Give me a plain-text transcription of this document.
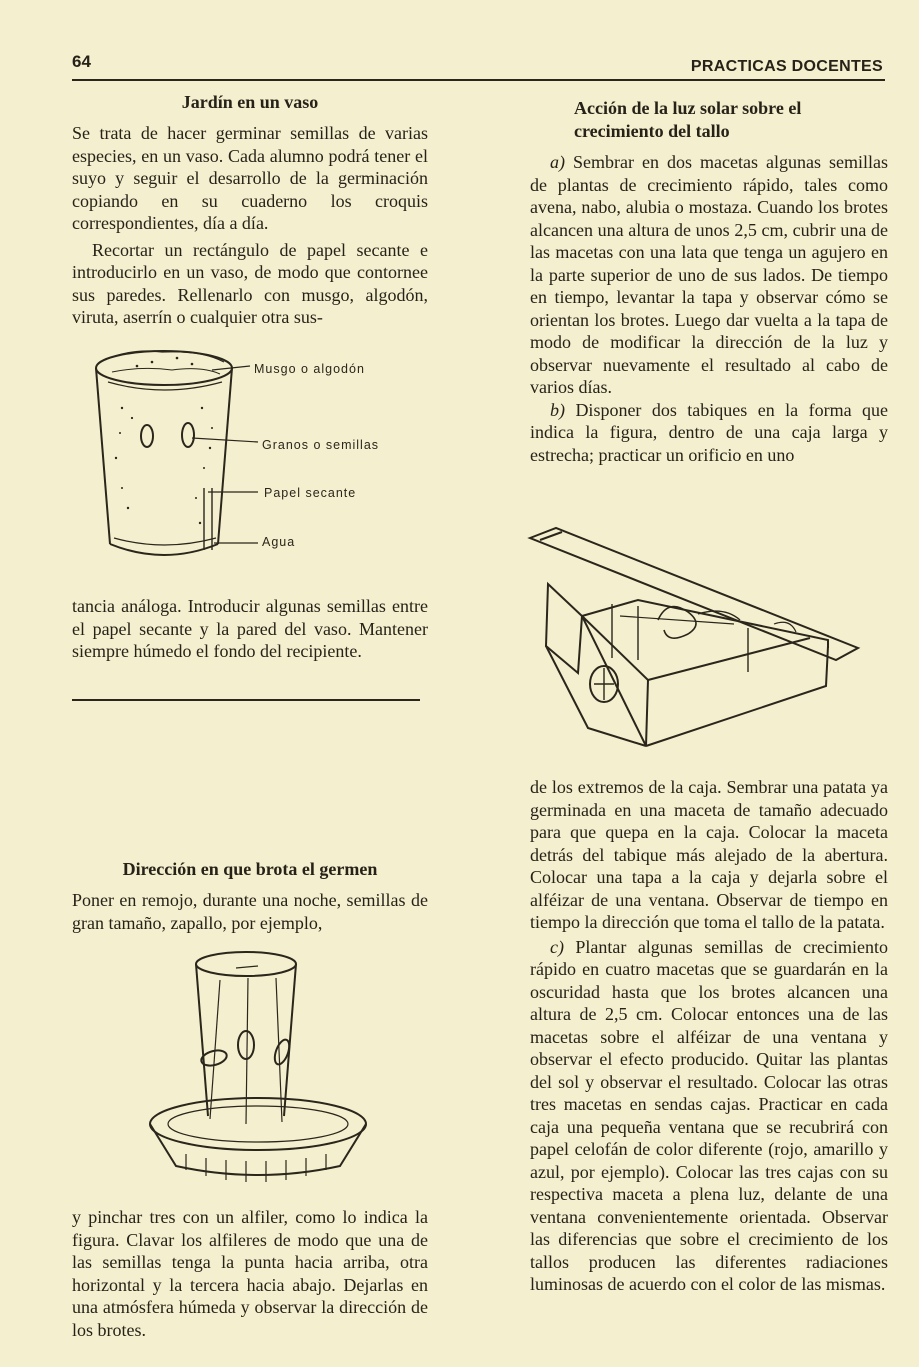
64	PRACTICAS DOCENTES
Jardín en un vaso

Se trata de hacer germinar semillas de varias especies, en un vaso. Cada alumno podrá tener el suyo y seguir el desarrollo de la germinación copiando en su cuaderno los croquis correspondientes, día a día.

Recortar un rectángulo de papel secante e introducirlo en un vaso, de modo que contornee sus paredes. Rellenarlo con musgo, algodón, viruta, aserrín o cualquier otra sus-

Musgo o algodón
Granos o semillas
Papel secante
Agua

tancia análoga. Introducir algunas semillas entre el papel secante y la pared del vaso. Mantener siempre húmedo el fondo del recipiente.

Dirección en que brota el germen

Poner en remojo, durante una noche, semillas de gran tamaño, zapallo, por ejemplo,

y pinchar tres con un alfiler, como lo indica la figura. Clavar los alfileres de modo que una de las semillas tenga la punta hacia arriba, otra horizontal y la tercera hacia abajo. Dejarlas en una atmósfera húmeda y observar la dirección de los brotes.

Acción de la luz solar sobre el crecimiento del tallo

a) Sembrar en dos macetas algunas semillas de plantas de crecimiento rápido, tales como avena, nabo, alubia o mostaza. Cuando los brotes alcancen una altura de unos 2,5 cm, cubrir una de las macetas con una lata que tenga un agujero en la parte superior de uno de sus lados. De tiempo en tiempo, levantar la tapa y observar cómo se orientan los brotes. Luego dar vuelta a la tapa de modo de modificar la dirección de la luz y observar nuevamente el resultado al cabo de varios días.

b) Disponer dos tabiques en la forma que indica la figura, dentro de una caja larga y estrecha; practicar un orificio en uno

de los extremos de la caja. Sembrar una patata ya germinada en una maceta de tamaño adecuado para que quepa en la caja. Colocar la maceta detrás del tabique más alejado de la abertura. Colocar una tapa a la caja y dejarla sobre el alféizar de una ventana. Observar de tiempo en tiempo la dirección que toma el tallo de la patata.

c) Plantar algunas semillas de crecimiento rápido en cuatro macetas que se guardarán en la oscuridad hasta que los brotes alcancen una altura de 2,5 cm. Colocar entonces una de las macetas sobre el alféizar de una ventana y observar el efecto producido. Quitar las plantas del sol y observar el resultado. Colocar las otras tres macetas en sendas cajas. Practicar en cada caja una pequeña ventana que se recubrirá con papel celofán de color diferente (rojo, amarillo y azul, por ejemplo). Colocar las tres cajas con su respectiva maceta a plena luz, delante de una ventana convenientemente orientada. Observar las diferencias que sobre el crecimiento de los tallos producen las diferentes radiaciones luminosas de acuerdo con el color de las mismas.
